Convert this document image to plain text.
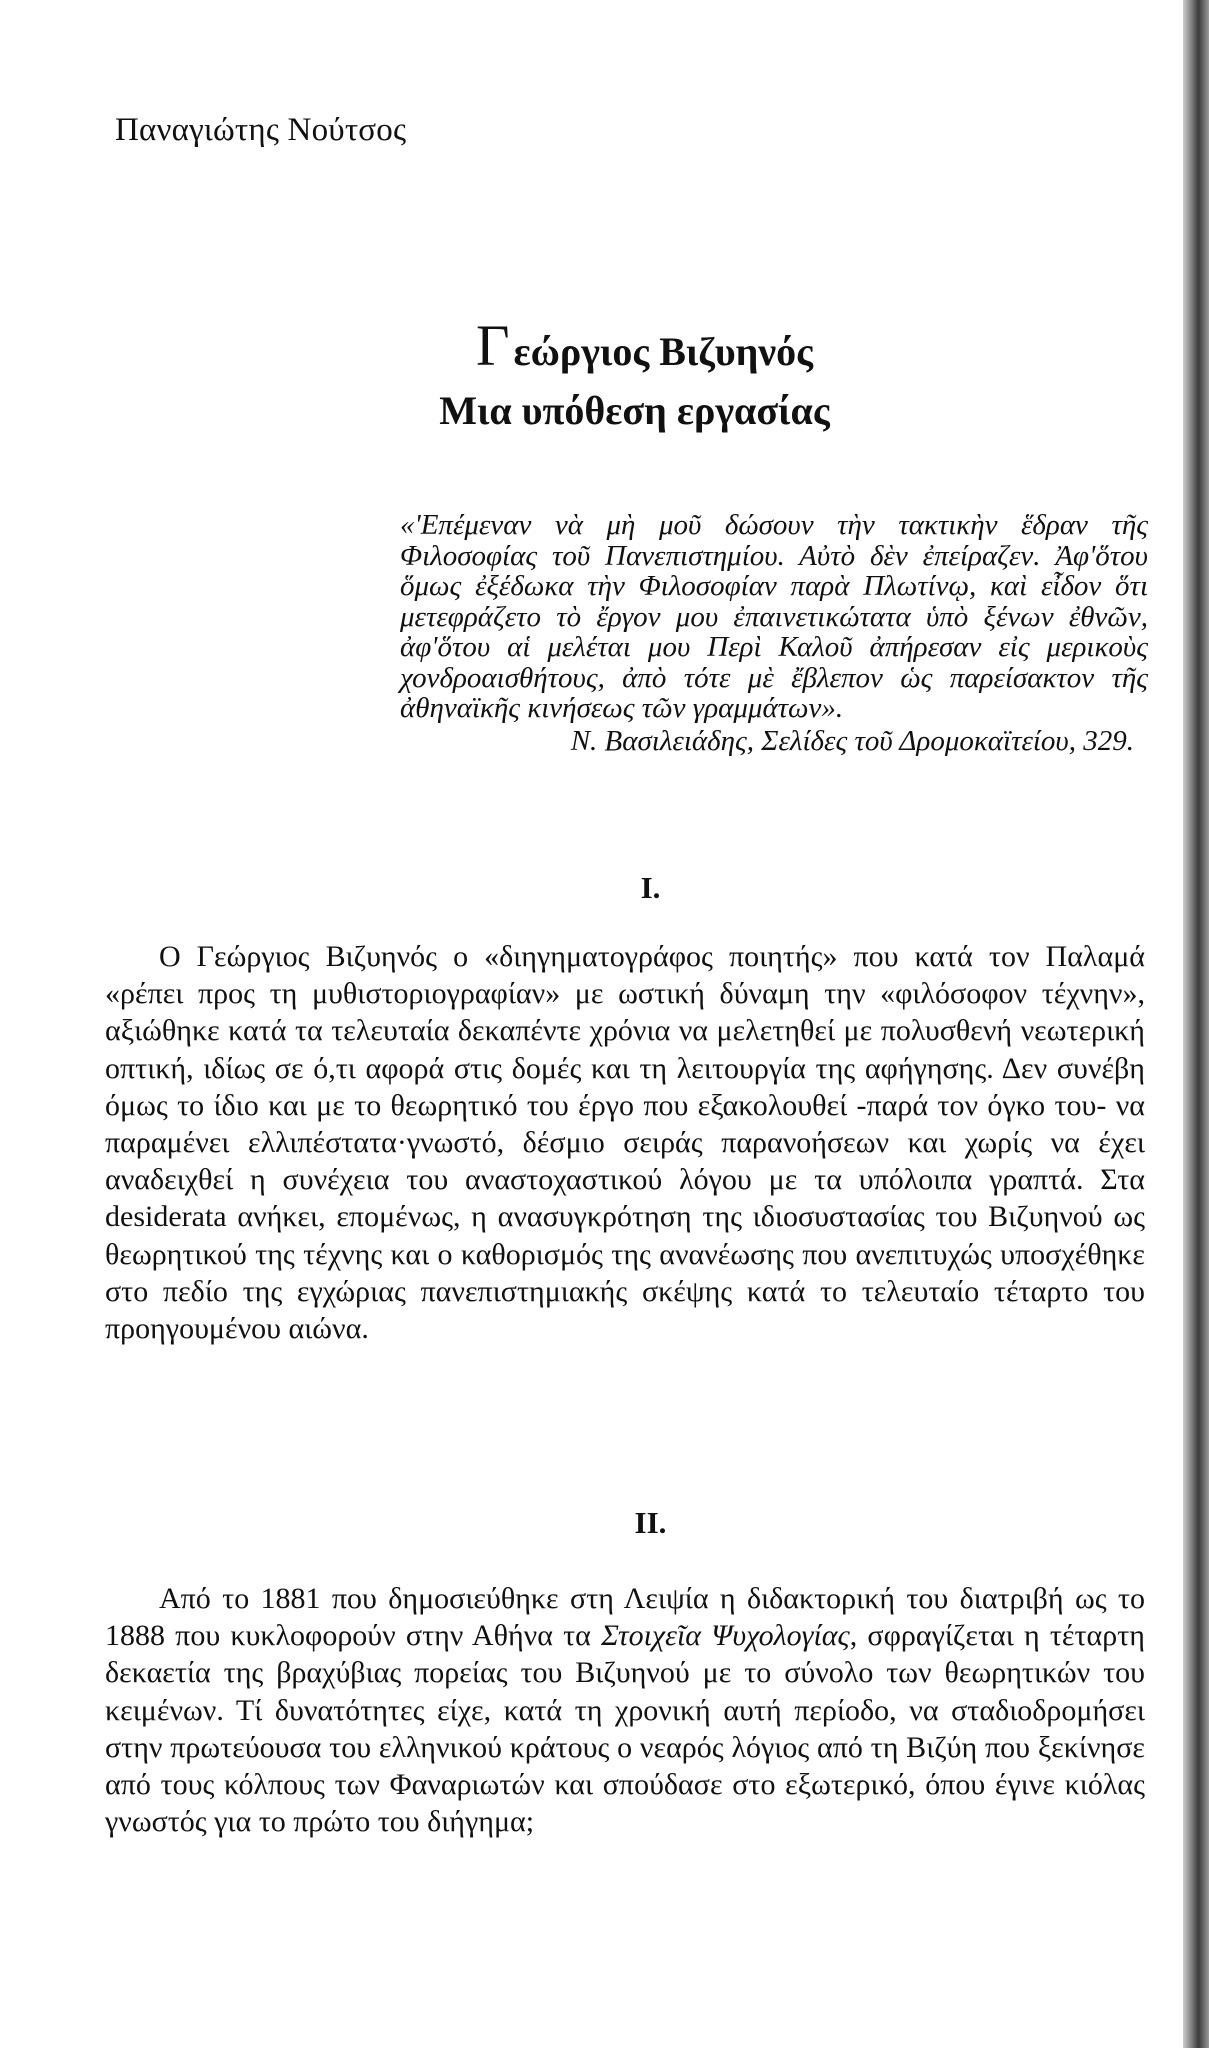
Παναγιώτης Νούτσος
Γ εώργιος Βιζυηνός
Μια υπόθεση εργασίας

«'Επέμεναν νὰ μὴ μοῦ δώσουν τὴν τακτικὴν ἕδραν τῆς Φιλοσοφίας τοῦ Πανεπιστημίου. Αὐτὸ δὲν ἐπείραζεν. Ἀφ'ὅτου ὅμως ἐξέδωκα τὴν Φιλοσοφίαν παρὰ Πλωτίνῳ, καὶ εἶδον ὅτι μετεφράζετο τὸ ἔργον μου ἐπαινετικώτατα ὑπὸ ξένων ἐθνῶν, ἀφ'ὅτου αἱ μελέται μου Περὶ Καλοῦ ἀπήρεσαν εἰς μερικοὺς χονδροαισθήτους, ἀπὸ τότε μὲ ἔβλεπον ὡς παρείσακτον τῆς ἀθηναϊκῆς κινήσεως τῶν γραμμάτων».

Ν. Βασιλειάδης, Σελίδες τοῦ Δρομοκαϊτείου, 329.

I.

Ο Γεώργιος Βιζυηνός ο «διηγηματογράφος ποιητής» που κατά τον Παλαμά «ρέπει προς τη μυθιστοριογραφίαν» με ωστική δύναμη την «φιλόσοφον τέχνην», αξιώθηκε κατά τα τελευταία δεκαπέντε χρόνια να μελετηθεί με πολυσθενή νεωτερική οπτική, ιδίως σε ό,τι αφορά στις δομές και τη λειτουργία της αφήγησης. Δεν συνέβη όμως το ίδιο και με το θεωρητικό του έργο που εξακολουθεί -παρά τον όγκο του- να παραμένει ελλιπέστατα·γνωστό, δέσμιο σειράς παρανοήσεων και χωρίς να έχει αναδειχθεί η συνέχεια του αναστοχαστικού λόγου με τα υπόλοιπα γραπτά. Στα desiderata ανήκει, επομένως, η ανασυγκρότηση της ιδιοσυστασίας του Βιζυηνού ως θεωρητικού της τέχνης και ο καθορισμός της ανανέωσης που ανεπιτυχώς υποσχέθηκε στο πεδίο της εγχώριας πανεπιστημιακής σκέψης κατά το τελευταίο τέταρτο του προηγουμένου αιώνα.

II.

Από το 1881 που δημοσιεύθηκε στη Λειψία η διδακτορική του διατριβή ως το 1888 που κυκλοφορούν στην Αθήνα τα Στοιχεῖα Ψυχολογίας, σφραγίζεται η τέταρτη δεκαετία της βραχύβιας πορείας του Βιζυηνού με το σύνολο των θεωρητικών του κειμένων. Τί δυνατότητες είχε, κατά τη χρονική αυτή περίοδο, να σταδιοδρομήσει στην πρωτεύουσα του ελληνικού κράτους ο νεαρός λόγιος από τη Βιζύη που ξεκίνησε από τους κόλπους των Φαναριωτών και σπούδασε στο εξωτερικό, όπου έγινε κιόλας γνωστός για το πρώτο του διήγημα;
